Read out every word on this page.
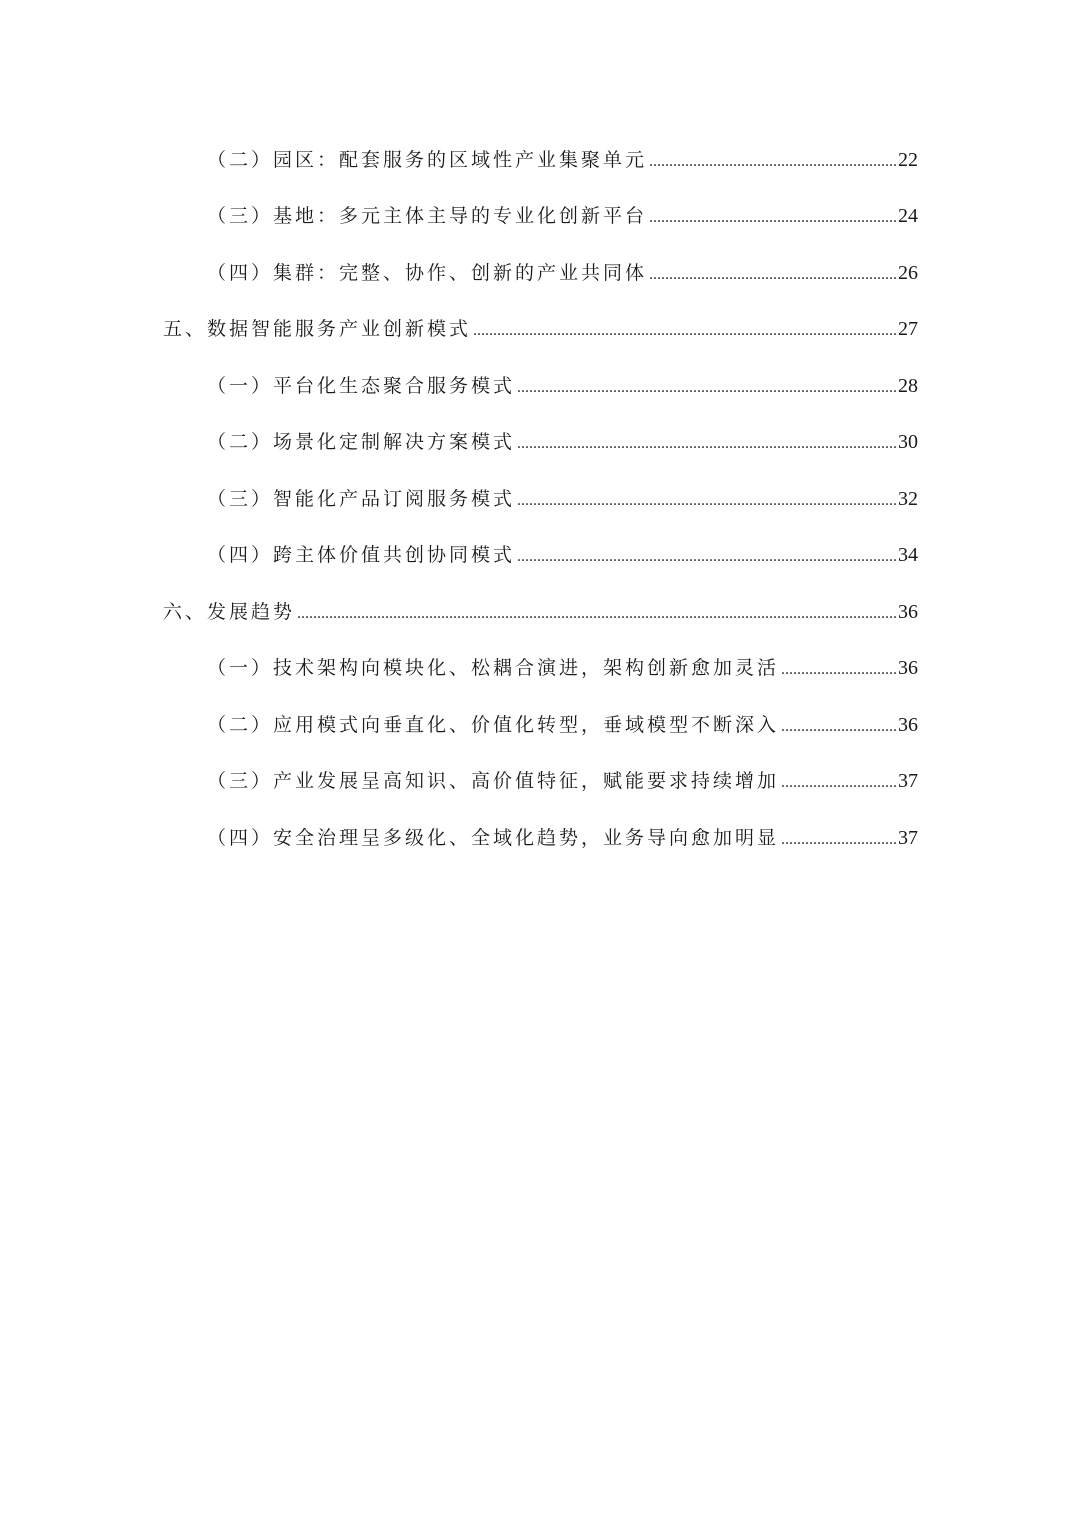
（二）园区：配套服务的区域性产业集聚单元 .....	22
（三）基地：多元主体主导的专业化创新平台 .....	24
（四）集群：完整、协作、创新的产业共同体 .....	26
五、数据智能服务产业创新模式 .....	27
（一）平台化生态聚合服务模式 .....	28
（二）场景化定制解决方案模式 .....	30
（三）智能化产品订阅服务模式 .....	32
（四）跨主体价值共创协同模式 .....	34
六、发展趋势 .....	36
（一）技术架构向模块化、松耦合演进，架构创新愈加灵活 .....	36
（二）应用模式向垂直化、价值化转型，垂域模型不断深入 .....	36
（三）产业发展呈高知识、高价值特征，赋能要求持续增加 .....	37
（四）安全治理呈多级化、全域化趋势，业务导向愈加明显 .....	37
